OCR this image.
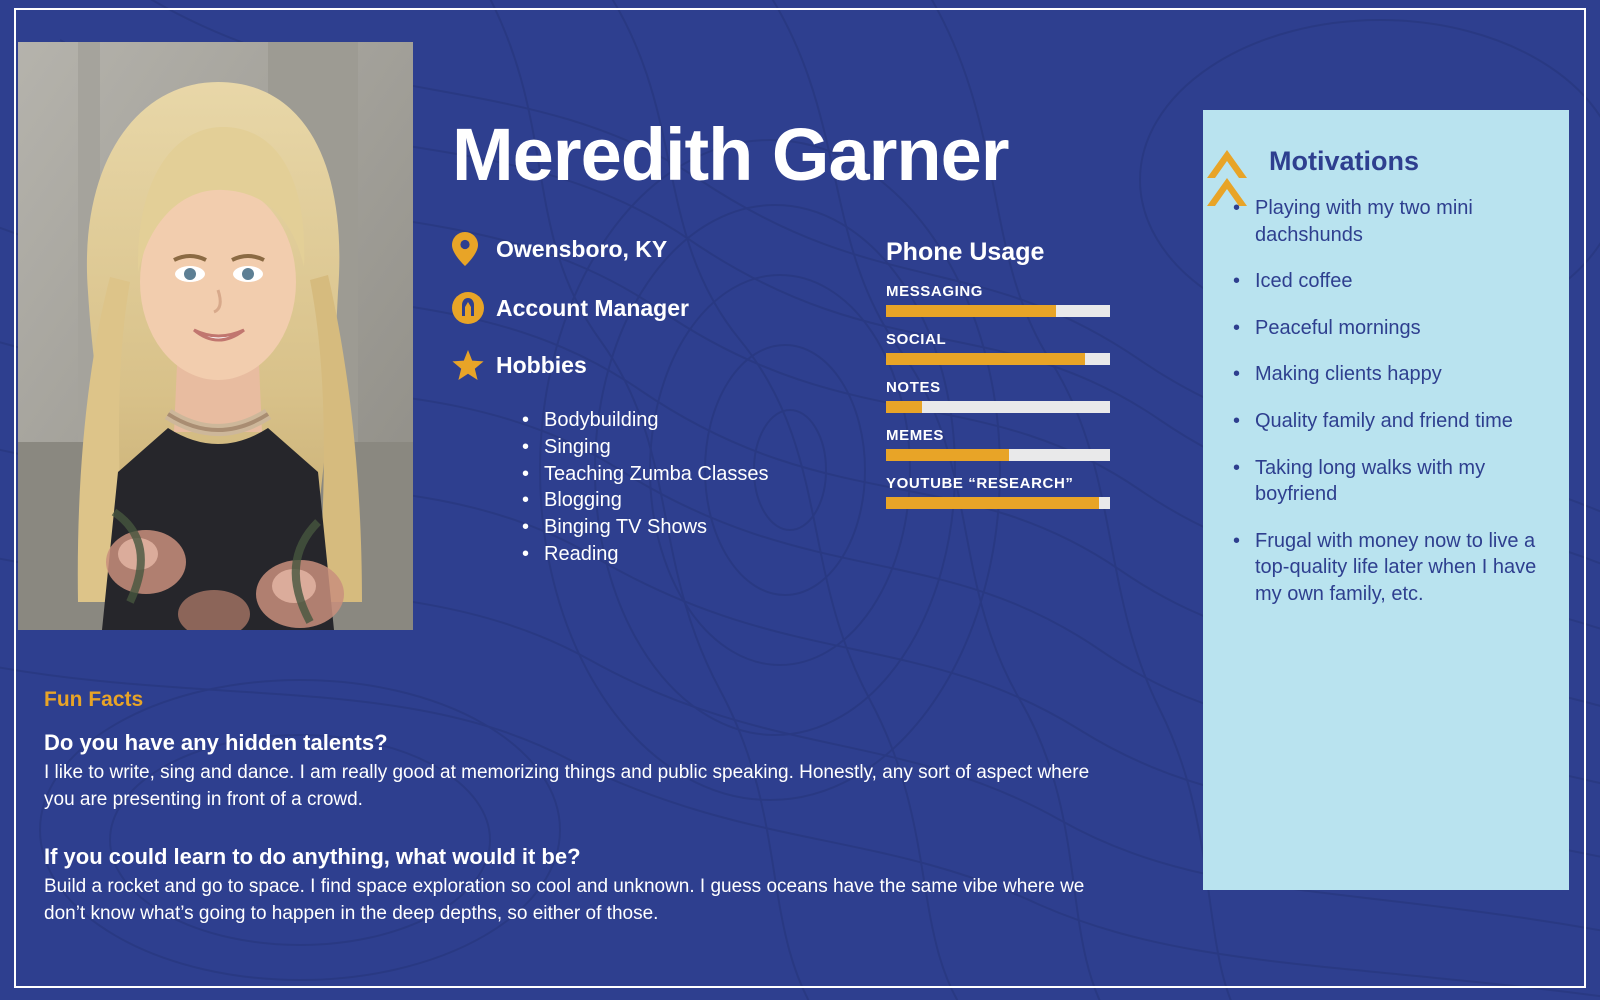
Meredith Garner
Owensboro, KY
Account Manager
Hobbies
• Bodybuilding
• Singing
• Teaching Zumba Classes
• Blogging
• Binging TV Shows
• Reading
Phone Usage
MESSAGING
SOCIAL
NOTES
MEMES
YOUTUBE “RESEARCH”
Motivations
• Playing with my two mini dachshunds
• Iced coffee
• Peaceful mornings
• Making clients happy
• Quality family and friend time
• Taking long walks with my boyfriend
• Frugal with money now to live a top-quality life later when I have my own family, etc.
Fun Facts
Do you have any hidden talents?
I like to write, sing and dance. I am really good at memorizing things and public speaking. Honestly, any sort of aspect where you are presenting in front of a crowd.
If you could learn to do anything, what would it be?
Build a rocket and go to space. I find space exploration so cool and unknown. I guess oceans have the same vibe where we don’t know what’s going to happen in the deep depths, so either of those.
